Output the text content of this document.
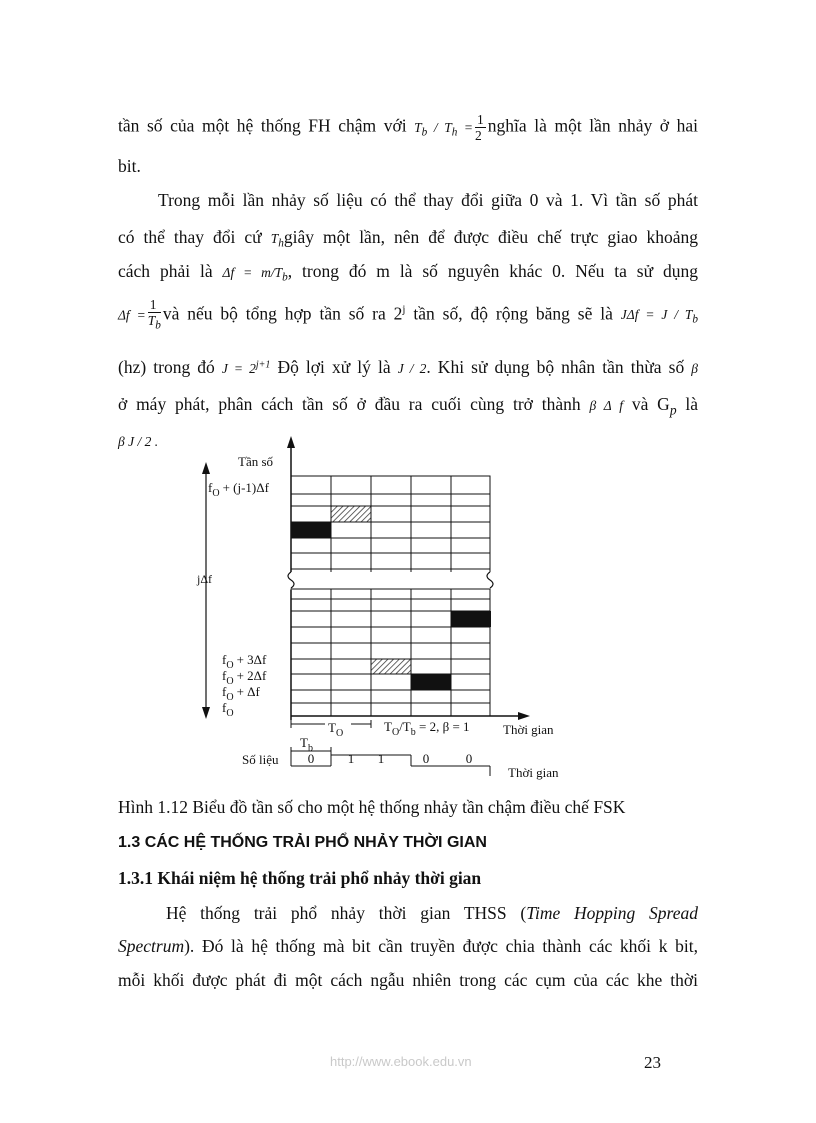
tần số của một hệ thống FH chậm với $T_b / T_h = \frac{1}{2}$ nghĩa là một lần nhảy ở hai
bit.
Trong mỗi lần nhảy số liệu có thể thay đổi giữa 0 và 1. Vì tần số phát
có thể thay đổi cứ $T_hgiây$ một lần, nên để được điều chế trực giao khoảng
cách phải là $\Delta f = m/T_b$, trong đó m là số nguyên khác 0. Nếu ta sử dụng
$\Delta f = \frac{1}{T_b}$ và nếu bộ tổng hợp tần số ra 2$^j$ tần số, độ rộng băng sẽ là $J\Delta f = J / T_b$
(hz) trong đó $J = 2^{j+1}$ Độ lợi xử lý là J / 2. Khi sử dụng bộ nhân tần thừa số β
ở máy phát, phân cách tần số ở đầu ra cuối cùng trở thành β Δ f và $G_p$ là
β J / 2 .
Tần số
jΔf
$f_O + (j-1)\Delta f$
$f_O + 3\Delta f$
$f_O + 2\Delta f$
$f_O + \Delta f$
$f_O$
Thời gian
$T_O$	$T_O/T_b = 2$, β = 1
$T_b$
Số liệu 0	1 1	0	0
Thời gian
Hình 1.12 Biểu đồ tần số cho một hệ thống nhảy tần chậm điều chế FSK
1.3 CÁC HỆ THỐNG TRẢI PHỔ NHẢY THỜI GIAN
1.3.1 Khái niệm hệ thống trải phổ nhảy thời gian
Hệ thống trải phổ nhảy thời gian THSS (Time Hopping Spread
Spectrum). Đó là hệ thống mà bit cần truyền được chia thành các khối k bit,
mỗi khối được phát đi một cách ngẫu nhiên trong các cụm của các khe thời
http://www.ebook.edu.vn	23
